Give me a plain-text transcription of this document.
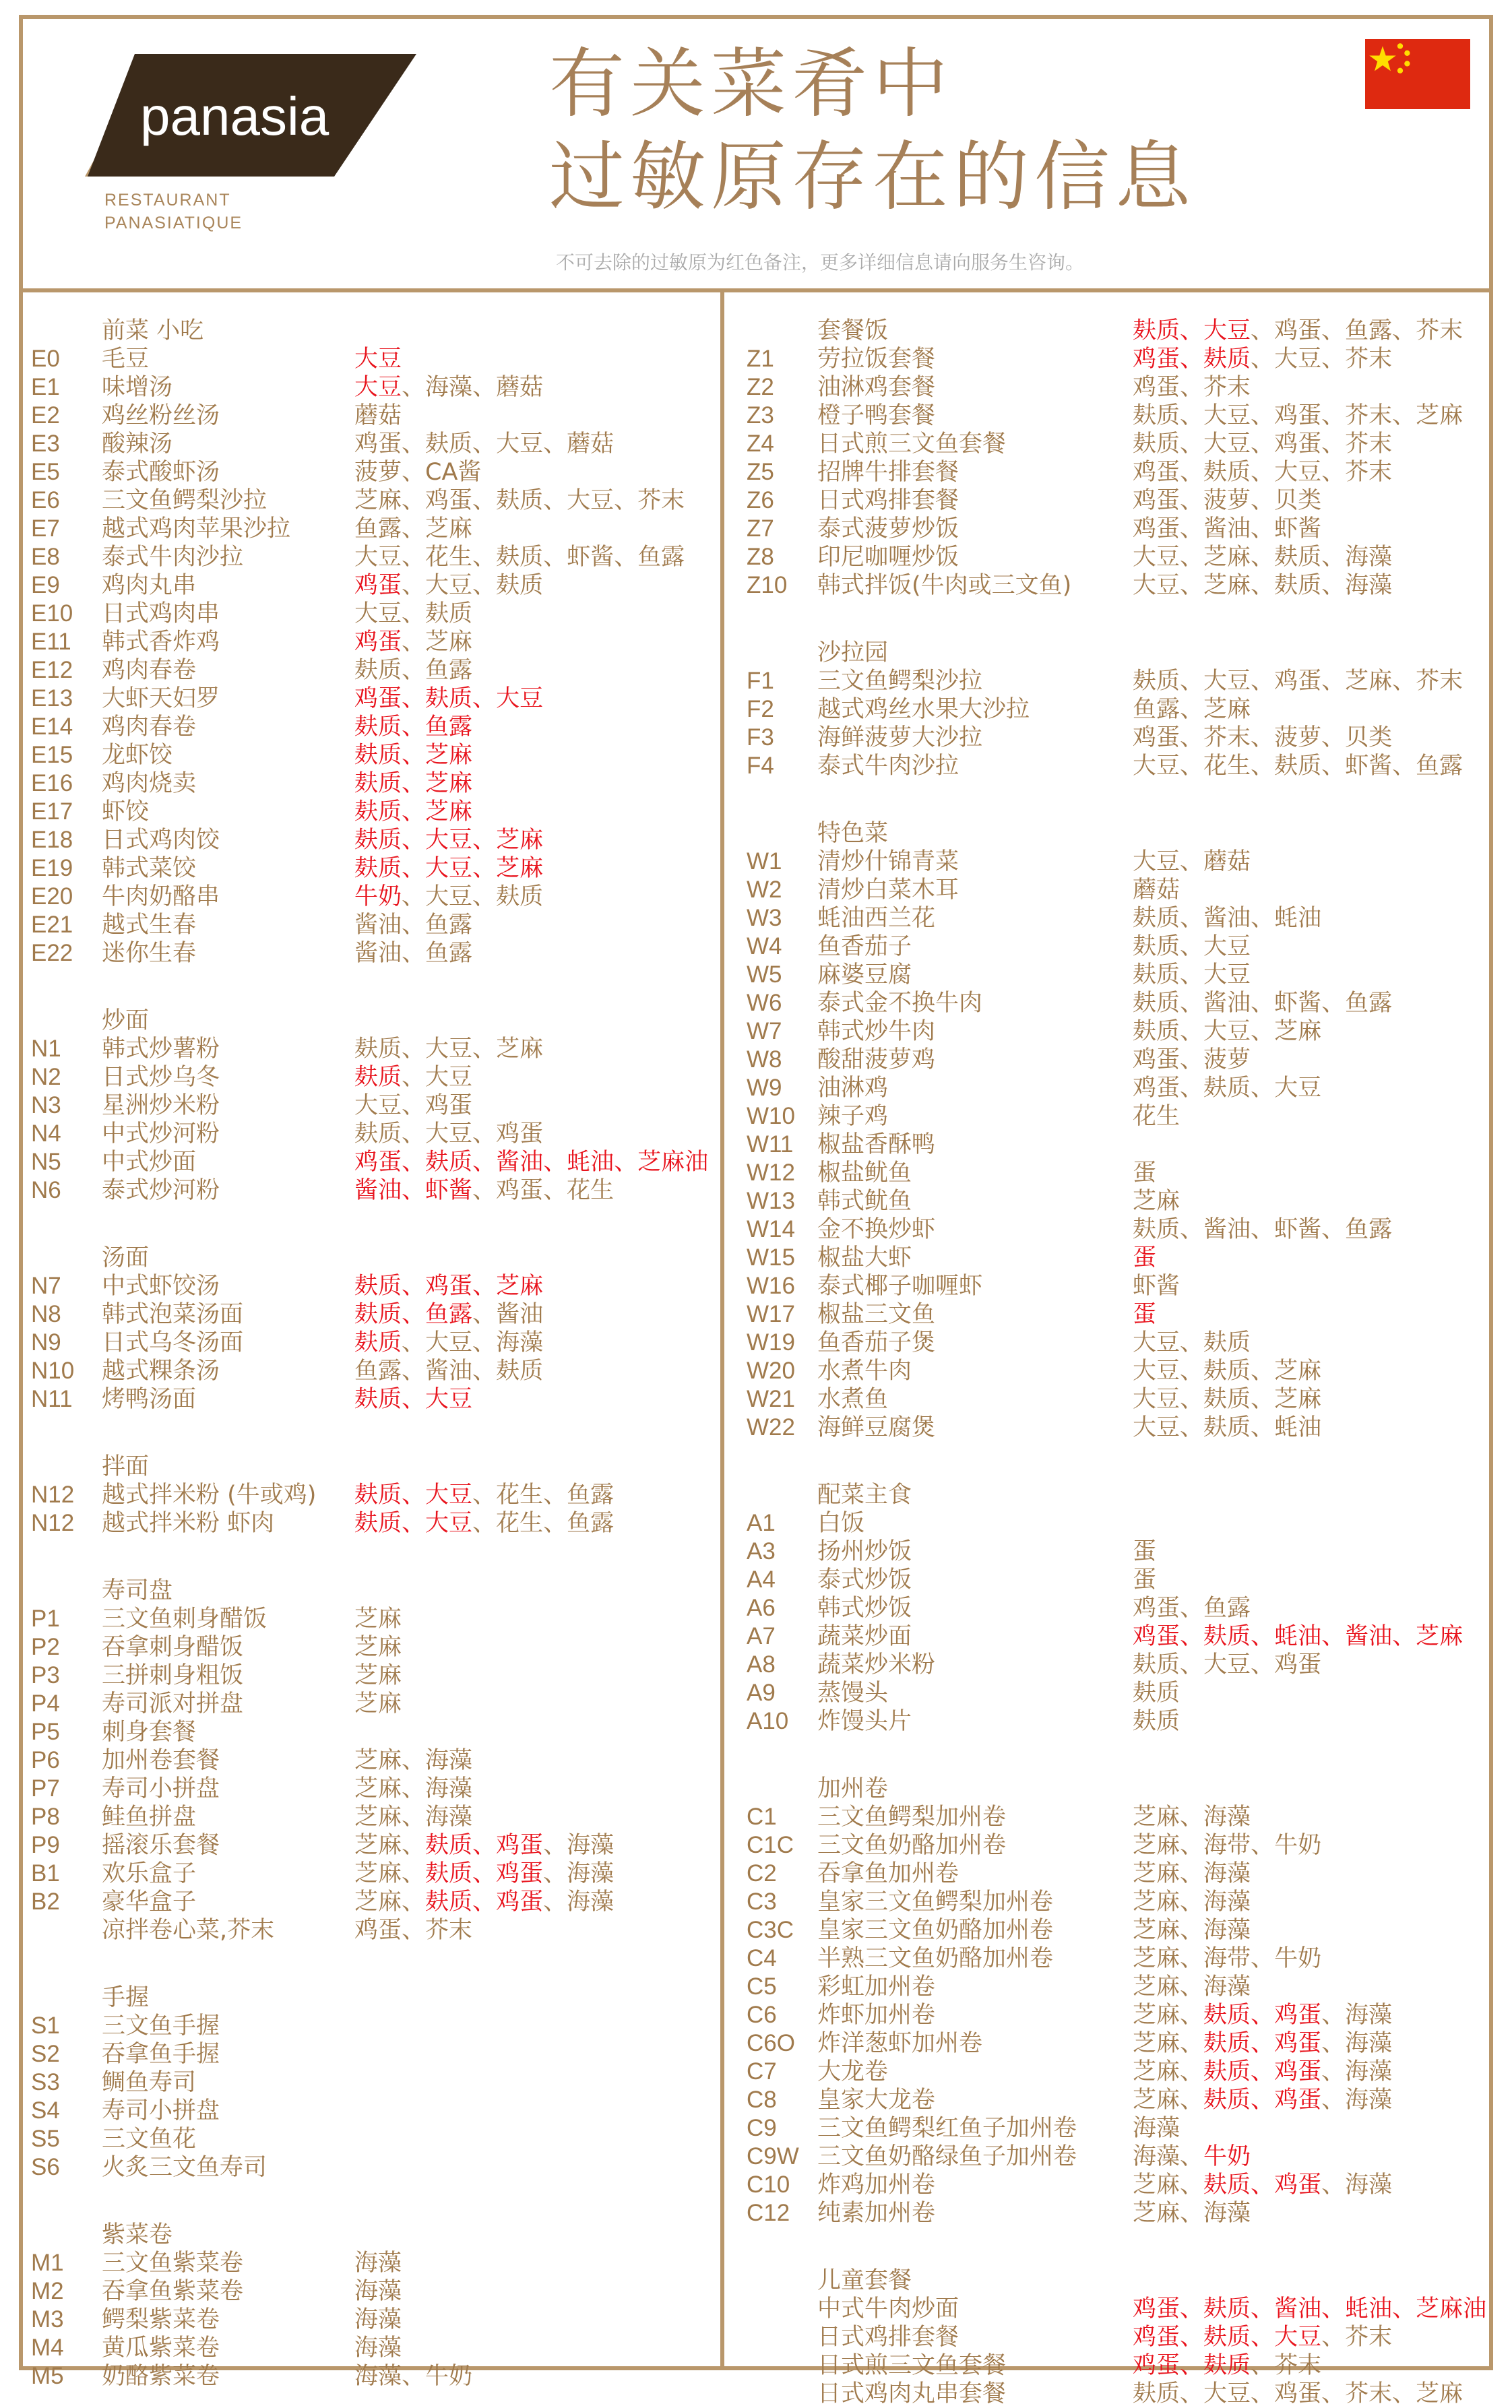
panasia
RESTAURANT
PANASIATIQUE
有关菜肴中
过敏原存在的信息
不可去除的过敏原为红色备注，更多详细信息请向服务生咨询。
前菜 小吃
E0	毛豆	大豆
E1	味增汤	大豆、海藻、蘑菇
E2	鸡丝粉丝汤	蘑菇
E3	酸辣汤	鸡蛋、麸质、大豆、蘑菇
E5	泰式酸虾汤	菠萝、CA酱
E6	三文鱼鳄梨沙拉	芝麻、鸡蛋、麸质、大豆、芥末
E7	越式鸡肉苹果沙拉	鱼露、芝麻
E8	泰式牛肉沙拉	大豆、花生、麸质、虾酱、鱼露
E9	鸡肉丸串	鸡蛋、大豆、麸质
E10	日式鸡肉串	大豆、麸质
E11	韩式香炸鸡	鸡蛋、芝麻
E12	鸡肉春卷	麸质、鱼露
E13	大虾天妇罗	鸡蛋、麸质、大豆
E14	鸡肉春卷	麸质、鱼露
E15	龙虾饺	麸质、芝麻
E16	鸡肉烧卖	麸质、芝麻
E17	虾饺	麸质、芝麻
E18	日式鸡肉饺	麸质、大豆、芝麻
E19	韩式菜饺	麸质、大豆、芝麻
E20	牛肉奶酪串	牛奶、大豆、麸质
E21	越式生春	酱油、鱼露
E22	迷你生春	酱油、鱼露
炒面
N1	韩式炒薯粉	麸质、大豆、芝麻
N2	日式炒乌冬	麸质、大豆
N3	星洲炒米粉	大豆、鸡蛋
N4	中式炒河粉	麸质、大豆、鸡蛋
N5	中式炒面	鸡蛋、麸质、酱油、蚝油、芝麻油
N6	泰式炒河粉	酱油、虾酱、鸡蛋、花生
汤面
N7	中式虾饺汤	麸质、鸡蛋、芝麻
N8	韩式泡菜汤面	麸质、鱼露、酱油
N9	日式乌冬汤面	麸质、大豆、海藻
N10	越式粿条汤	鱼露、酱油、麸质
N11	烤鸭汤面	麸质、大豆
拌面
N12	越式拌米粉 (牛或鸡) 麸质、大豆、花生、鱼露
N12	越式拌米粉 虾肉	麸质、大豆、花生、鱼露
寿司盘
P1	三文鱼刺身醋饭	芝麻
P2	吞拿刺身醋饭	芝麻
P3	三拼刺身粗饭	芝麻
P4	寿司派对拼盘	芝麻
P5	刺身套餐
P6	加州卷套餐	芝麻、海藻
P7	寿司小拼盘	芝麻、海藻
P8	鲑鱼拼盘	芝麻、海藻
P9	摇滚乐套餐	芝麻、麸质、鸡蛋、海藻
B1	欢乐盒子	芝麻、麸质、鸡蛋、海藻
B2	豪华盒子	芝麻、麸质、鸡蛋、海藻
凉拌卷心菜,芥末	鸡蛋、芥末
手握
S1	三文鱼手握
S2	吞拿鱼手握
S3	鲷鱼寿司
S4	寿司小拼盘
S5	三文鱼花
S6	火炙三文鱼寿司
紫菜卷
M1	三文鱼紫菜卷	海藻
M2	吞拿鱼紫菜卷	海藻
M3	鳄梨紫菜卷	海藻
M4	黄瓜紫菜卷	海藻
M5	奶酪紫菜卷	海藻、牛奶
套餐饭	麸质、大豆、鸡蛋、鱼露、芥末
Z1	劳拉饭套餐	鸡蛋、麸质、大豆、芥末
Z2	油淋鸡套餐	鸡蛋、芥末
Z3	橙子鸭套餐	麸质、大豆、鸡蛋、芥末、芝麻
Z4	日式煎三文鱼套餐	麸质、大豆、鸡蛋、芥末
Z5	招牌牛排套餐	鸡蛋、麸质、大豆、芥末
Z6	日式鸡排套餐	鸡蛋、菠萝、贝类
Z7	泰式菠萝炒饭	鸡蛋、酱油、虾酱
Z8	印尼咖喱炒饭	大豆、芝麻、麸质、海藻
Z10	韩式拌饭(牛肉或三文鱼)	大豆、芝麻、麸质、海藻
沙拉园
F1	三文鱼鳄梨沙拉	麸质、大豆、鸡蛋、芝麻、芥末
F2	越式鸡丝水果大沙拉	鱼露、芝麻
F3	海鲜菠萝大沙拉	鸡蛋、芥末、菠萝、贝类
F4	泰式牛肉沙拉	大豆、花生、麸质、虾酱、鱼露
特色菜
W1	清炒什锦青菜	大豆、蘑菇
W2	清炒白菜木耳	蘑菇
W3	蚝油西兰花	麸质、酱油、蚝油
W4	鱼香茄子	麸质、大豆
W5	麻婆豆腐	麸质、大豆
W6	泰式金不换牛肉	麸质、酱油、虾酱、鱼露
W7	韩式炒牛肉	麸质、大豆、芝麻
W8	酸甜菠萝鸡	鸡蛋、菠萝
W9	油淋鸡	鸡蛋、麸质、大豆
W10 辣子鸡	花生
W11	椒盐香酥鸭
W12 椒盐鱿鱼	蛋
W13 韩式鱿鱼	芝麻
W14 金不换炒虾	麸质、酱油、虾酱、鱼露
W15 椒盐大虾	蛋
W16 泰式椰子咖喱虾	虾酱
W17 椒盐三文鱼	蛋
W19 鱼香茄子煲	大豆、麸质
W20 水煮牛肉	大豆、麸质、芝麻
W21 水煮鱼	大豆、麸质、芝麻
W22 海鲜豆腐煲	大豆、麸质、蚝油
配菜主食
A1	白饭
A3	扬州炒饭	蛋
A4	泰式炒饭	蛋
A6	韩式炒饭	鸡蛋、鱼露
A7	蔬菜炒面	鸡蛋、麸质、蚝油、酱油、芝麻
A8	蔬菜炒米粉	麸质、大豆、鸡蛋
A9	蒸馒头	麸质
A10	炸馒头片	麸质
加州卷
C1	三文鱼鳄梨加州卷	芝麻、海藻
C1C 三文鱼奶酪加州卷	芝麻、海带、牛奶
C2	吞拿鱼加州卷	芝麻、海藻
C3	皇家三文鱼鳄梨加州卷	芝麻、海藻
C3C 皇家三文鱼奶酪加州卷	芝麻、海藻
C4	半熟三文鱼奶酪加州卷	芝麻、海带、牛奶
C5	彩虹加州卷	芝麻、海藻
C6	炸虾加州卷	芝麻、麸质、鸡蛋、海藻
C6O 炸洋葱虾加州卷	芝麻、麸质、鸡蛋、海藻
C7	大龙卷	芝麻、麸质、鸡蛋、海藻
C8	皇家大龙卷	芝麻、麸质、鸡蛋、海藻
C9	三文鱼鳄梨红鱼子加州卷 海藻
C9W 三文鱼奶酪绿鱼子加州卷 海藻、牛奶
C10	炸鸡加州卷	芝麻、麸质、鸡蛋、海藻
C12	纯素加州卷	芝麻、海藻
儿童套餐
中式牛肉炒面	鸡蛋、麸质、酱油、蚝油、芝麻油
日式鸡排套餐	鸡蛋、麸质、大豆、芥末
日式煎三文鱼套餐	鸡蛋、麸质、芥末
日式鸡肉丸串套餐	麸质、大豆、鸡蛋、芥末、芝麻
